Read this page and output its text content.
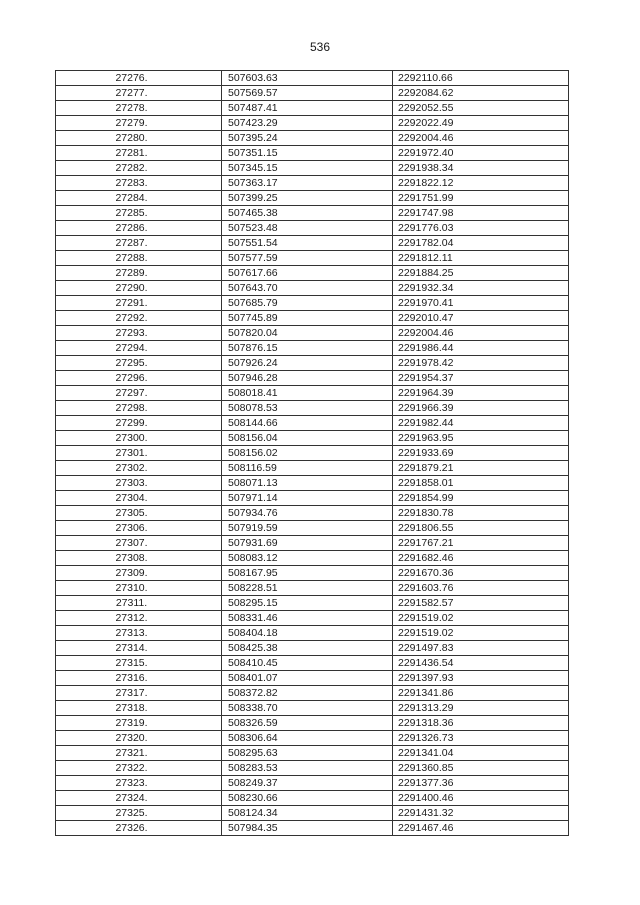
536
27276.	507603.63	2292110.66
27277.	507569.57	2292084.62
27278.	507487.41	2292052.55
27279.	507423.29	2292022.49
27280.	507395.24	2292004.46
27281.	507351.15	2291972.40
27282.	507345.15	2291938.34
27283.	507363.17	2291822.12
27284.	507399.25	2291751.99
27285.	507465.38	2291747.98
27286.	507523.48	2291776.03
27287.	507551.54	2291782.04
27288.	507577.59	2291812.11
27289.	507617.66	2291884.25
27290.	507643.70	2291932.34
27291.	507685.79	2291970.41
27292.	507745.89	2292010.47
27293.	507820.04	2292004.46
27294.	507876.15	2291986.44
27295.	507926.24	2291978.42
27296.	507946.28	2291954.37
27297.	508018.41	2291964.39
27298.	508078.53	2291966.39
27299.	508144.66	2291982.44
27300.	508156.04	2291963.95
27301.	508156.02	2291933.69
27302.	508116.59	2291879.21
27303.	508071.13	2291858.01
27304.	507971.14	2291854.99
27305.	507934.76	2291830.78
27306.	507919.59	2291806.55
27307.	507931.69	2291767.21
27308.	508083.12	2291682.46
27309.	508167.95	2291670.36
27310.	508228.51	2291603.76
27311.	508295.15	2291582.57
27312.	508331.46	2291519.02
27313.	508404.18	2291519.02
27314.	508425.38	2291497.83
27315.	508410.45	2291436.54
27316.	508401.07	2291397.93
27317.	508372.82	2291341.86
27318.	508338.70	2291313.29
27319.	508326.59	2291318.36
27320.	508306.64	2291326.73
27321.	508295.63	2291341.04
27322.	508283.53	2291360.85
27323.	508249.37	2291377.36
27324.	508230.66	2291400.46
27325.	508124.34	2291431.32
27326.	507984.35	2291467.46
